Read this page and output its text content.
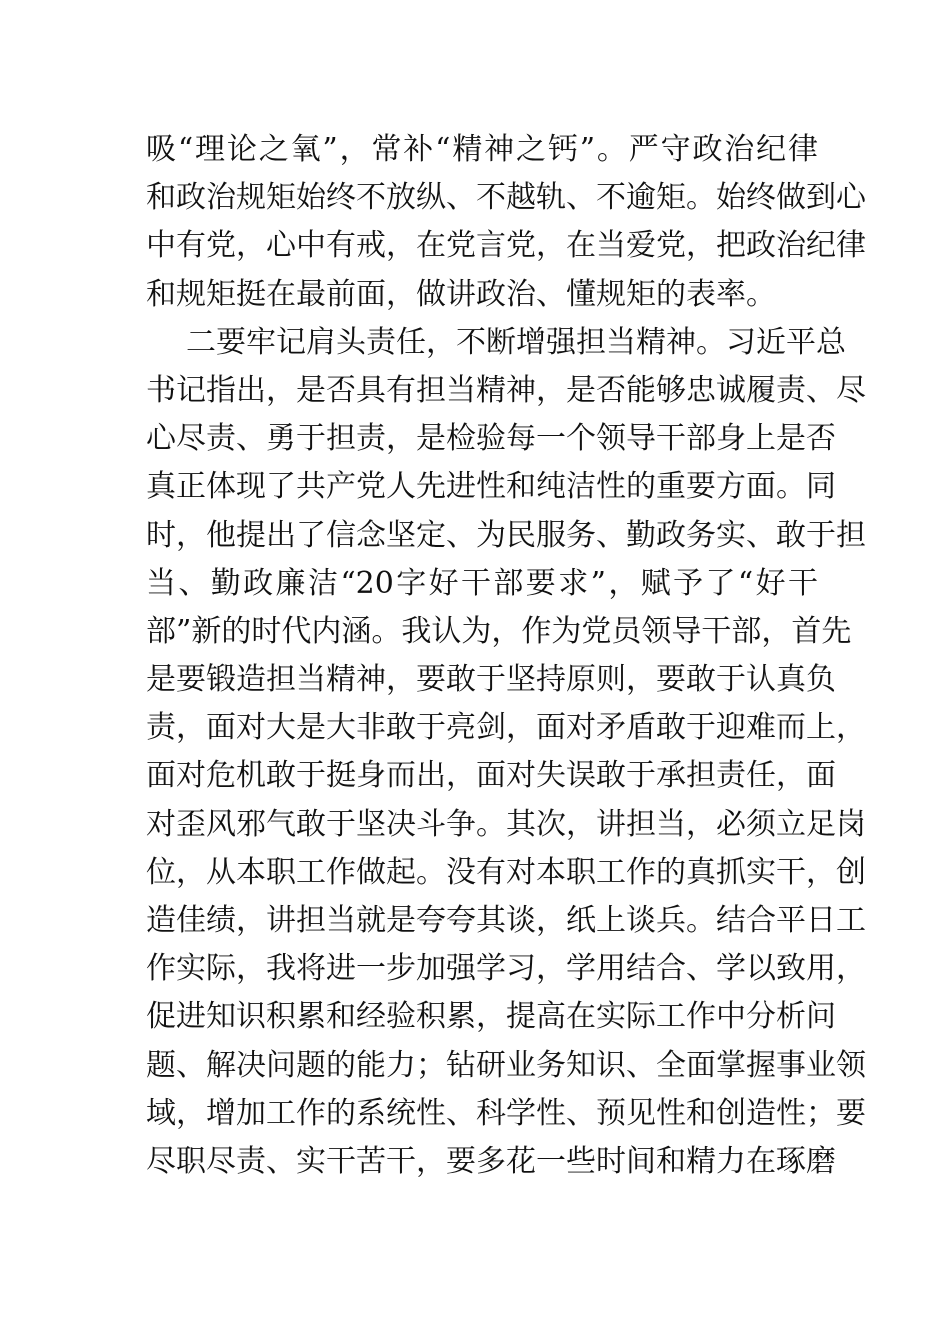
吸“理论之氧”，常补“精神之钙”。严守政治纪律
和政治规矩始终不放纵、不越轨、不逾矩。始终做到心
中有党，心中有戒，在党言党，在当爱党，把政治纪律
和规矩挺在最前面，做讲政治、懂规矩的表率。
二要牢记肩头责任，不断增强担当精神。习近平总
书记指出，是否具有担当精神，是否能够忠诚履责、尽
心尽责、勇于担责，是检验每一个领导干部身上是否
真正体现了共产党人先进性和纯洁性的重要方面。同
时，他提出了信念坚定、为民服务、勤政务实、敢于担
当、勤政廉洁“20字好干部要求”，赋予了“好干
部”新的时代内涵。我认为，作为党员领导干部，首先
是要锻造担当精神，要敢于坚持原则，要敢于认真负
责，面对大是大非敢于亮剑，面对矛盾敢于迎难而上，
面对危机敢于挺身而出，面对失误敢于承担责任，面
对歪风邪气敢于坚决斗争。其次，讲担当，必须立足岗
位，从本职工作做起。没有对本职工作的真抓实干，创
造佳绩，讲担当就是夸夸其谈，纸上谈兵。结合平日工
作实际，我将进一步加强学习，学用结合、学以致用，
促进知识积累和经验积累，提高在实际工作中分析问
题、解决问题的能力；钻研业务知识、全面掌握事业领
域，增加工作的系统性、科学性、预见性和创造性；要
尽职尽责、实干苦干，要多花一些时间和精力在琢磨
